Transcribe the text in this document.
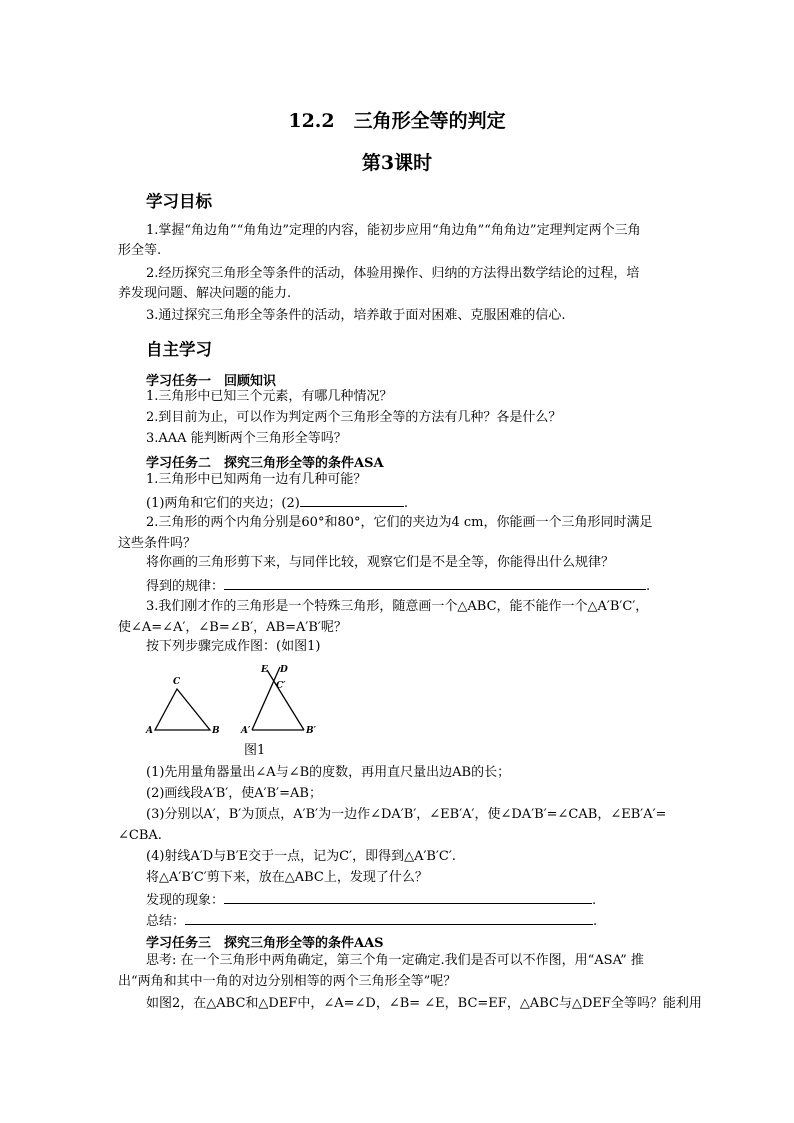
12.2　三角形全等的判定
第3课时
学习目标
1.掌握“角边角”“角角边”定理的内容，能初步应用“角边角”“角角边”定理判定两个三角
形全等.
2.经历探究三角形全等条件的活动，体验用操作、归纳的方法得出数学结论的过程，培
养发现问题、解决问题的能力.
3.通过探究三角形全等条件的活动，培养敢于面对困难、克服困难的信心.
自主学习
学习任务一　回顾知识
1.三角形中已知三个元素，有哪几种情况？
2.到目前为止，可以作为判定两个三角形全等的方法有几种？各是什么？
3.AAA 能判断两个三角形全等吗？
学习任务二　探究三角形全等的条件ASA
1.三角形中已知两角一边有几种可能？
(1)两角和它们的夹边；(2)	.
2.三角形的两个内角分别是60°和80°，它们的夹边为4 cm，你能画一个三角形同时满足
这些条件吗？
将你画的三角形剪下来，与同伴比较，观察它们是不是全等，你能得出什么规律？
得到的规律：	.
3.我们刚才作的三角形是一个特殊三角形，随意画一个△ABC，能不能作一个△A′B′C′，
使∠A=∠A′，∠B=∠B′，AB=A′B′呢？
按下列步骤完成作图：(如图1)
C
A	B
E D
C′
A′	B′
图1
(1)先用量角器量出∠A与∠B的度数，再用直尺量出边AB的长；
(2)画线段A′B′，使A′B′=AB；
(3)分别以A′，B′为顶点，A′B′为一边作∠DA′B′，∠EB′A′，使∠DA′B′=∠CAB，∠EB′A′=
∠CBA.
(4)射线A′D与B′E交于一点，记为C′，即得到△A′B′C′.
将△A′B′C′剪下来，放在△ABC上，发现了什么？
发现的现象：	.
总结：	.
学习任务三　探究三角形全等的条件AAS
思考: 在一个三角形中两角确定，第三个角一定确定.我们是否可以不作图，用“ASA” 推
出“两角和其中一角的对边分别相等的两个三角形全等”呢？
如图2，在△ABC和△DEF中，∠A=∠D，∠B= ∠E，BC=EF，△ABC与△DEF全等吗？能利用
